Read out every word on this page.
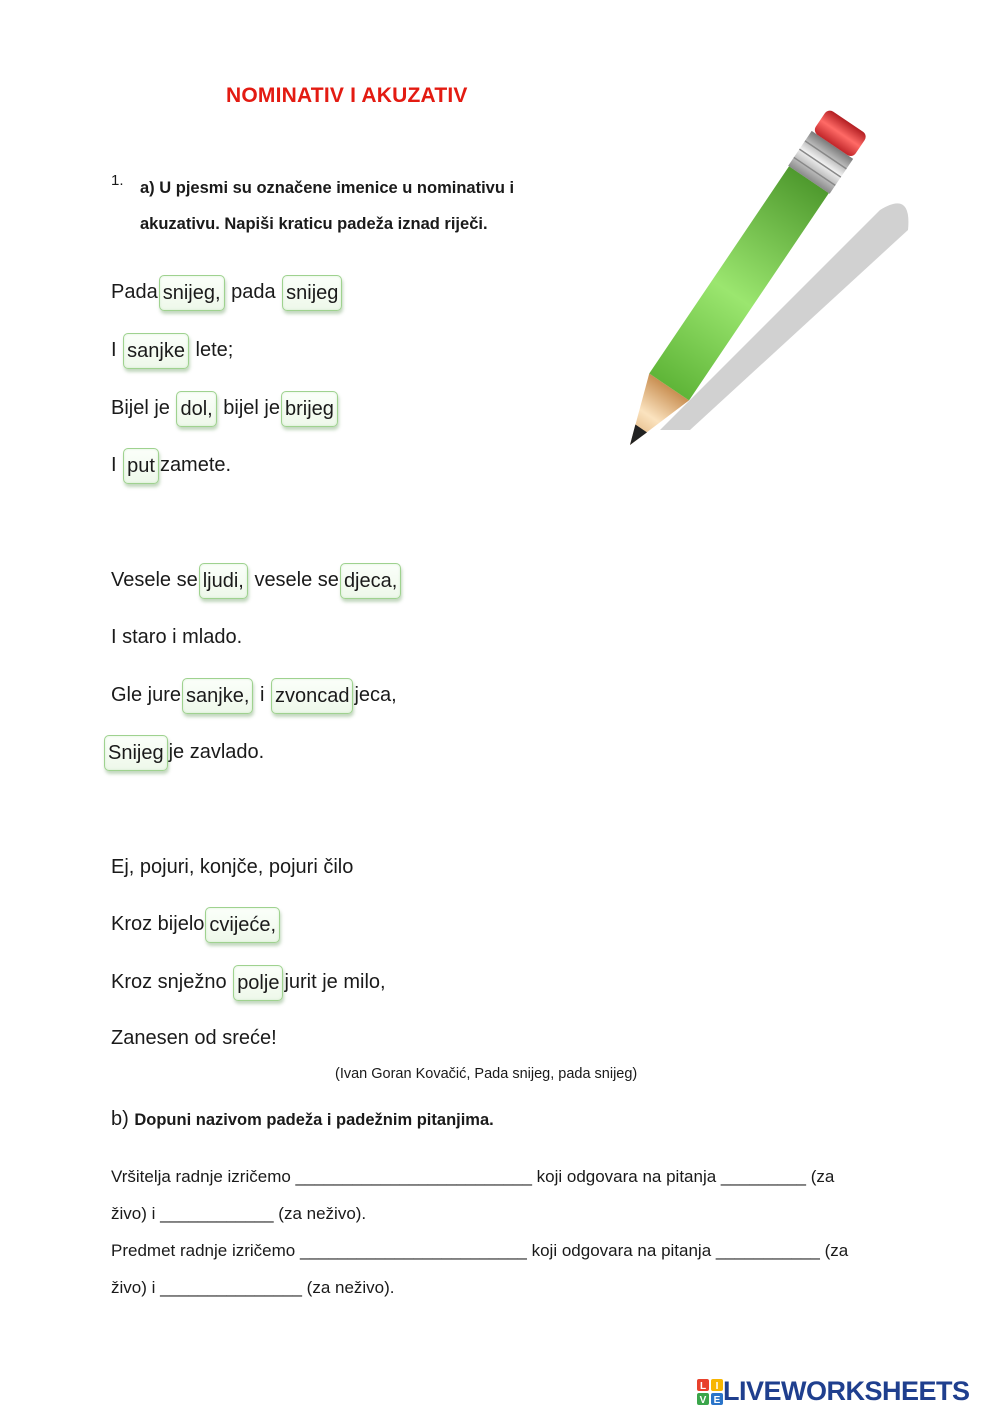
NOMINATIV I AKUZATIV
1. a) U pjesmi su označene imenice u nominativu i akuzativu. Napiši kraticu padeža iznad riječi.
Pada snijeg, pada snijeg
I sanjke lete;
Bijel je dol, bijel je brijeg
I put zamete.
Vesele se ljudi, vesele se djeca,
I staro i mlado.
Gle jure sanjke, i zvoncad jeca,
Snijeg je zavlado.
Ej, pojuri, konjče, pojuri čilo
Kroz bijelo cvijeće,
Kroz snježno polje jurit je milo,
Zanesen od sreće!
(Ivan Goran Kovačić, Pada snijeg, pada snijeg)
b) Dopuni nazivom padeža i padežnim pitanjima.
Vršitelja radnje izričemo _________________________ koji odgovara na pitanja _________ (za
živo) i ____________ (za neživo).
Predmet radnje izričemo ________________________ koji odgovara na pitanja ___________ (za
živo) i _______________ (za neživo).
L I
V E LIVEWORKSHEETS
